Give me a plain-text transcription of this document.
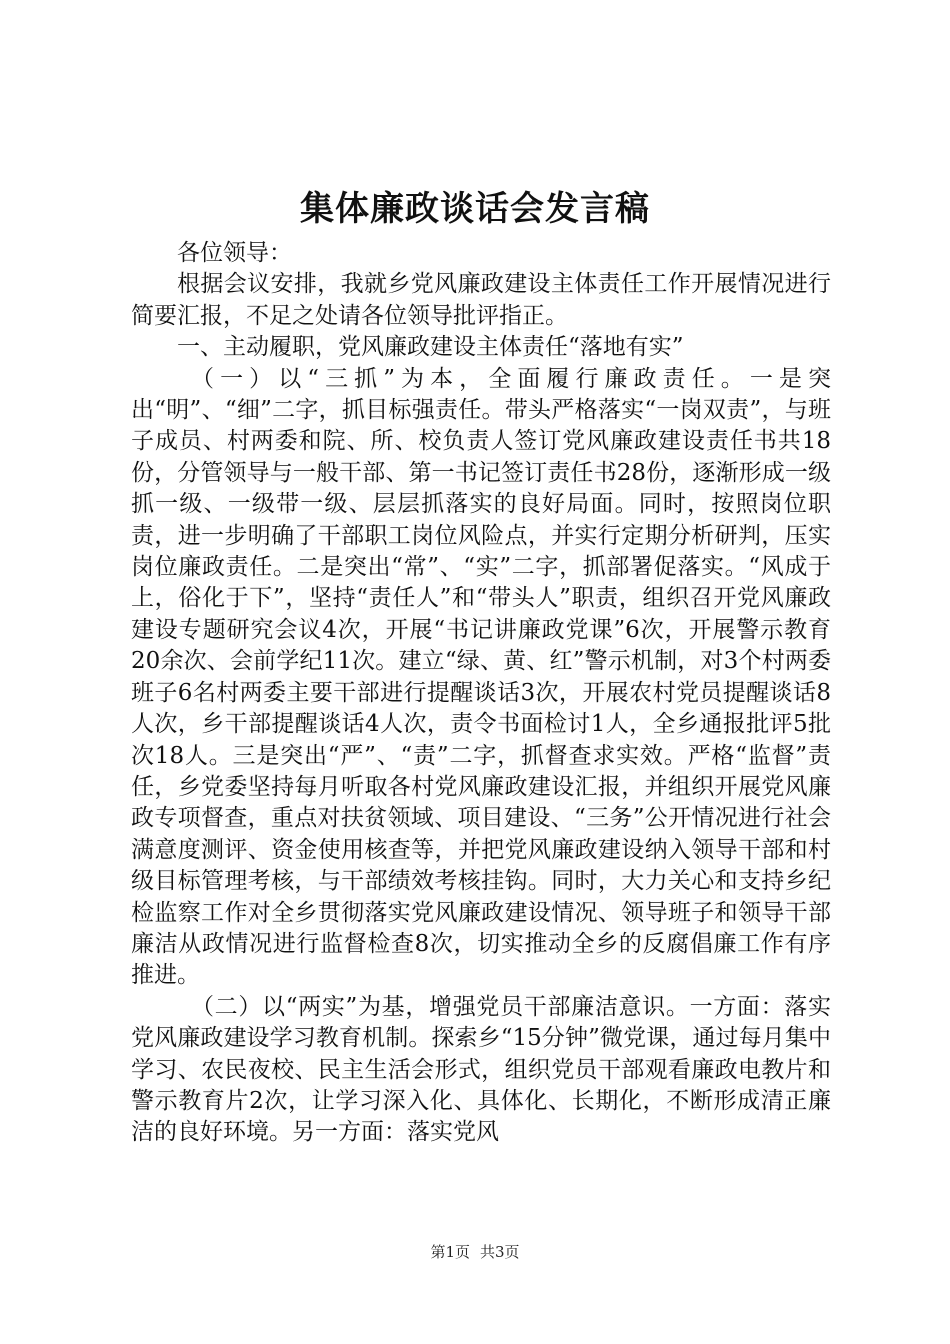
集体廉政谈话会发言稿

各位领导：

根据会议安排，我就乡党风廉政建设主体责任工作开展情况进行简要汇报，不足之处请各位领导批评指正。

一、主动履职，党风廉政建设主体责任“落地有实”

（一）以“三抓”为本，全面履行廉政责任。一是突出“明”、“细”二字，抓目标强责任。带头严格落实“一岗双责”，与班子成员、村两委和院、所、校负责人签订党风廉政建设责任书共18份，分管领导与一般干部、第一书记签订责任书28份，逐渐形成一级抓一级、一级带一级、层层抓落实的良好局面。同时，按照岗位职责，进一步明确了干部职工岗位风险点，并实行定期分析研判，压实岗位廉政责任。二是突出“常”、“实”二字，抓部署促落实。“风成于上，俗化于下”，坚持“责任人”和“带头人”职责，组织召开党风廉政建设专题研究会议4次，开展“书记讲廉政党课”6次，开展警示教育20余次、会前学纪11次。建立“绿、黄、红”警示机制，对3个村两委班子6名村两委主要干部进行提醒谈话3次，开展农村党员提醒谈话8人次，乡干部提醒谈话4人次，责令书面检讨1人，全乡通报批评5批次18人。三是突出“严”、“责”二字，抓督查求实效。严格“监督”责任，乡党委坚持每月听取各村党风廉政建设汇报，并组织开展党风廉政专项督查，重点对扶贫领域、项目建设、“三务”公开情况进行社会满意度测评、资金使用核查等，并把党风廉政建设纳入领导干部和村级目标管理考核，与干部绩效考核挂钩。同时，大力关心和支持乡纪检监察工作对全乡贯彻落实党风廉政建设情况、领导班子和领导干部廉洁从政情况进行监督检查8次，切实推动全乡的反腐倡廉工作有序推进。

（二）以“两实”为基，增强党员干部廉洁意识。一方面：落实党风廉政建设学习教育机制。探索乡“15分钟”微党课，通过每月集中学习、农民夜校、民主生活会形式，组织党员干部观看廉政电教片和警示教育片2次，让学习深入化、具体化、长期化，不断形成清正廉洁的良好环境。另一方面：落实党风

第1页 共3页
